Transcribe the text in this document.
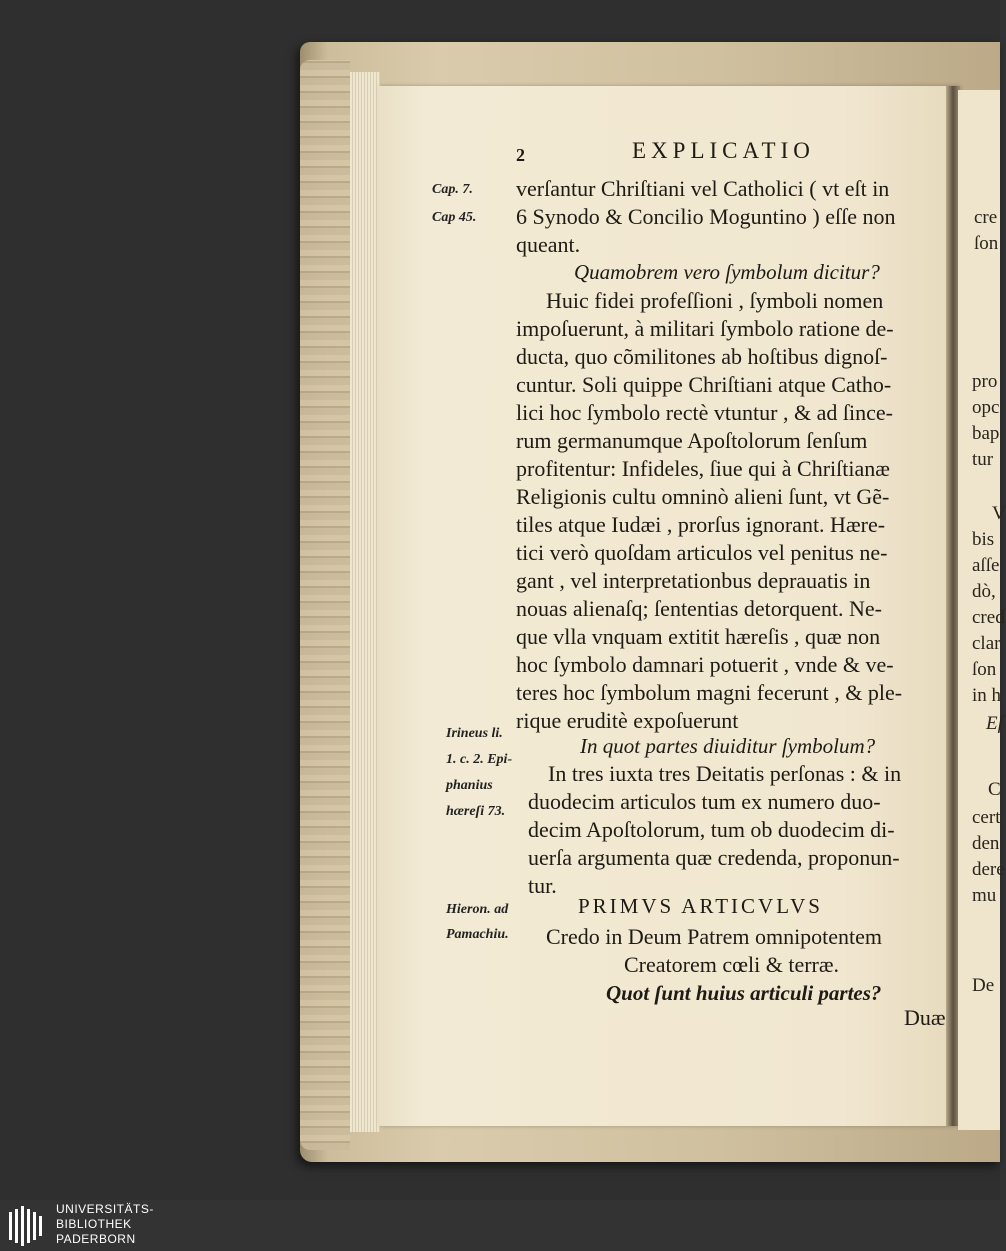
cre
ſon
pro
opc
bap
tur
V
bis
aſſe
dò,
cred
clar
ſon
in h
Eſ
C
cert
den
dere
mu
De
2	EXPLICATIO
Cap. 7.
Cap 45.
Irineus li.
1. c. 2. Epi-
phanius
hæreſi 73.
Hieron. ad
Pamachiu.
verſantur Chriſtiani vel Catholici ( vt eſt in
6 Synodo & Concilio Moguntino ) eſſe non
queant.
Quamobrem vero ſymbolum dicitur?
Huic fidei profeſſioni , ſymboli nomen
impoſuerunt, à militari ſymbolo ratione de-
ducta, quo cõmilitones ab hoſtibus dignoſ-
cuntur. Soli quippe Chriſtiani atque Catho-
lici hoc ſymbolo rectè vtuntur , & ad ſince-
rum germanumque Apoſtolorum ſenſum
profitentur: Infideles, ſiue qui à Chriſtianæ
Religionis cultu omninò alieni ſunt, vt Gẽ-
tiles atque Iudæi , prorſus ignorant. Hære-
tici verò quoſdam articulos vel penitus ne-
gant , vel interpretationbus deprauatis in
nouas alienaſq; ſententias detorquent. Ne-
que vlla vnquam extitit hæreſis , quæ non
hoc ſymbolo damnari potuerit , vnde & ve-
teres hoc ſymbolum magni fecerunt , & ple-
rique eruditè expoſuerunt
In quot partes diuiditur ſymbolum?
In tres iuxta tres Deitatis perſonas : & in
duodecim articulos tum ex numero duo-
decim Apoſtolorum, tum ob duodecim di-
uerſa argumenta quæ credenda, proponun-
tur.
PRIMVS ARTICVLVS
Credo in Deum Patrem omnipotentem
Creatorem cœli & terræ.
Quot ſunt huius articuli partes?
Duæ
UNIVERSITÄTS-
BIBLIOTHEK
PADERBORN
